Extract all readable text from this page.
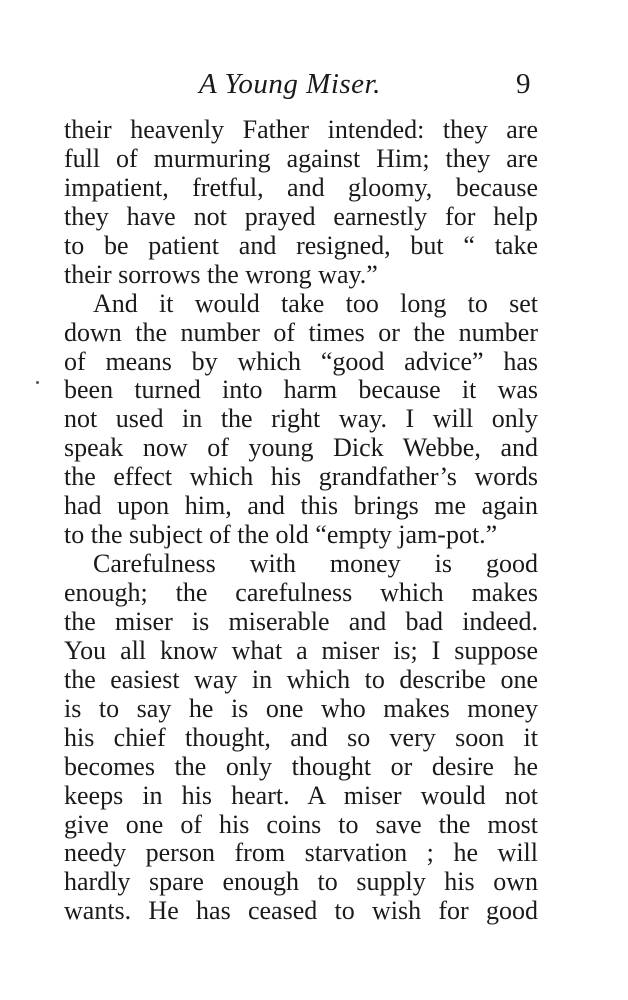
A Young Miser.	9
their heavenly Father intended: they are
full of murmuring against Him; they are
impatient, fretful, and gloomy, because
they have not prayed earnestly for help
to be patient and resigned, but “ take
their sorrows the wrong way.”
And it would take too long to set
down the number of times or the number
of means by which “good advice” has
been turned into harm because it was
not used in the right way. I will only
speak now of young Dick Webbe, and
the effect which his grandfather’s words
had upon him, and this brings me again
to the subject of the old “empty jam-pot.”
Carefulness with money is good
enough; the carefulness which makes
the miser is miserable and bad indeed.
You all know what a miser is; I suppose
the easiest way in which to describe one
is to say he is one who makes money
his chief thought, and so very soon it
becomes the only thought or desire he
keeps in his heart. A miser would not
give one of his coins to save the most
needy person from starvation ; he will
hardly spare enough to supply his own
wants. He has ceased to wish for good
